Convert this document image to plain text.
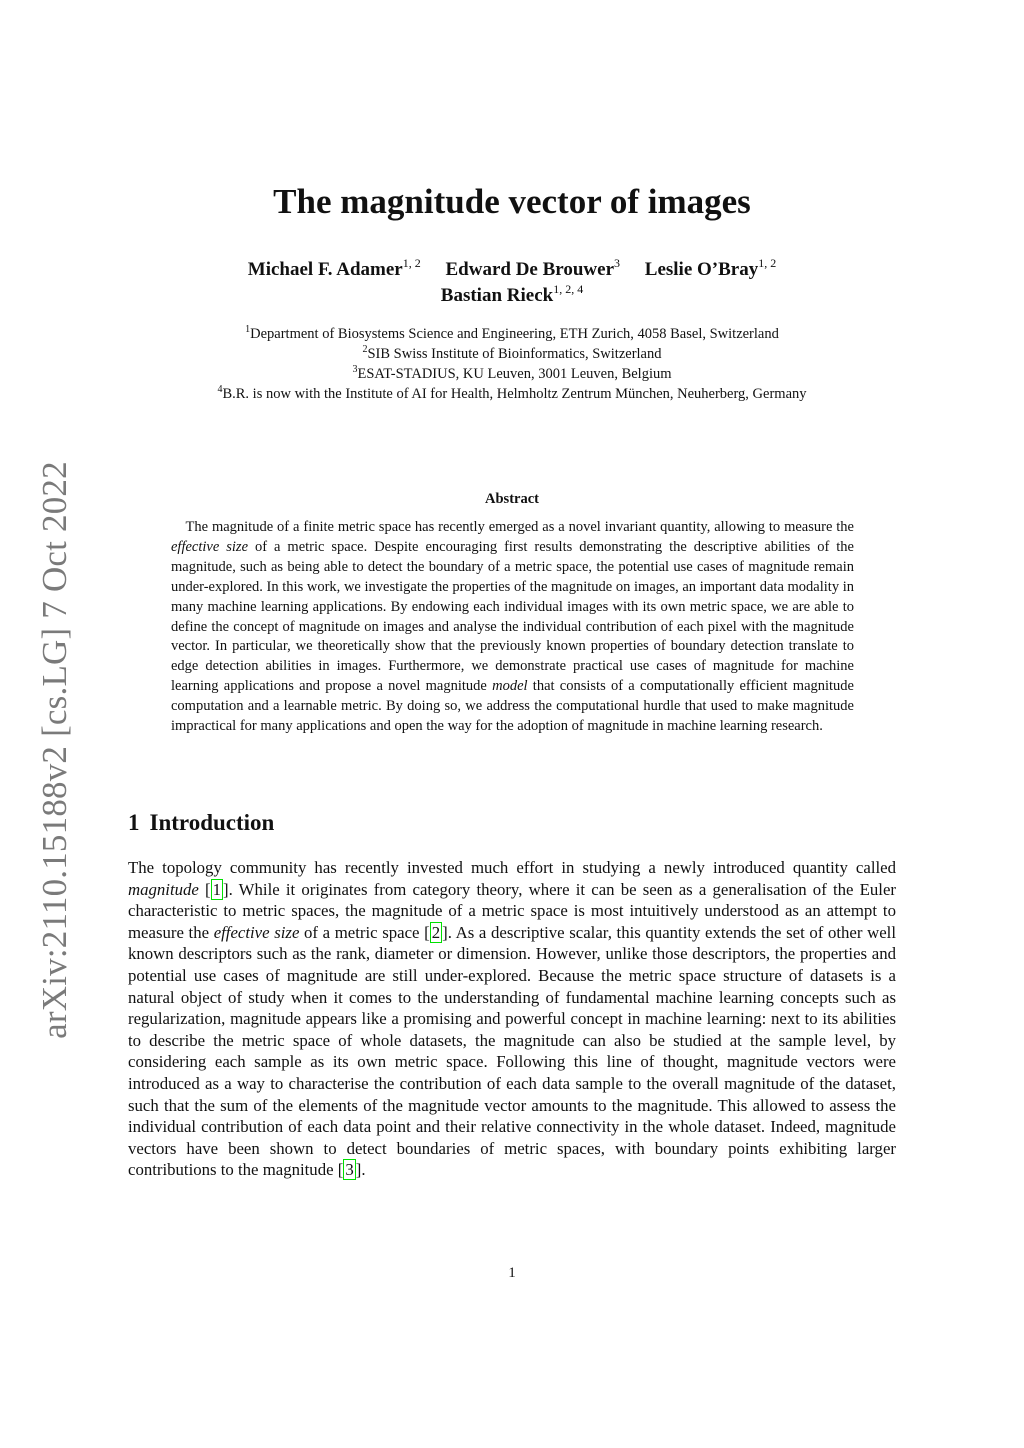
arXiv:2110.15188v2 [cs.LG] 7 Oct 2022
The magnitude vector of images
Michael F. Adamer$^{1, 2}$ Edward De Brouwer$^3$ Leslie O’Bray$^{1, 2}$
Bastian Rieck$^{1, 2, 4}$
$^1$Department of Biosystems Science and Engineering, ETH Zurich, 4058 Basel, Switzerland
$^2$SIB Swiss Institute of Bioinformatics, Switzerland
$^3$ESAT-STADIUS, KU Leuven, 3001 Leuven, Belgium
$^4$B.R. is now with the Institute of AI for Health, Helmholtz Zentrum München, Neuherberg, Germany
Abstract

 The magnitude of a finite metric space has recently emerged as a novel invariant quantity, allowing to measure the effective size of a metric space. Despite encouraging first results demonstrating the descriptive abilities of the magnitude, such as being able to detect the boundary of a metric space, the potential use cases of magnitude remain under-explored. In this work, we investigate the properties of the magnitude on images, an important data modality in many machine learning applications. By endowing each individual images with its own metric space, we are able to define the concept of magnitude on images and analyse the individual contribution of each pixel with the magnitude vector. In particular, we theoretically show that the previously known properties of boundary detection translate to edge detection abilities in images. Furthermore, we demonstrate practical use cases of magnitude for machine learning applications and propose a novel magnitude model that consists of a computationally efficient magnitude computation and a learnable metric. By doing so, we address the computational hurdle that used to make magnitude impractical for many applications and open the way for the adoption of magnitude in machine learning research.

1 Introduction

The topology community has recently invested much effort in studying a newly introduced quantity called magnitude [ 1 ]. While it originates from category theory, where it can be seen as a generalisation of the Euler characteristic to metric spaces, the magnitude of a metric space is most intuitively understood as an attempt to measure the effective size of a metric space [ 2 ]. As a descriptive scalar, this quantity extends the set of other well known descriptors such as the rank, diameter or dimension. However, unlike those descriptors, the properties and potential use cases of magnitude are still under-explored. Because the metric space structure of datasets is a natural object of study when it comes to the understanding of fundamental machine learning concepts such as regularization, magnitude appears like a promising and powerful concept in machine learning: next to its abilities to describe the metric space of whole datasets, the magnitude can also be studied at the sample level, by considering each sample as its own metric space. Following this line of thought, magnitude vectors were introduced as a way to characterise the contribution of each data sample to the overall magnitude of the dataset, such that the sum of the elements of the magnitude vector amounts to the magnitude. This allowed to assess the individual contribution of each data point and their relative connectivity in the whole dataset. Indeed, magnitude vectors have been shown to detect boundaries of metric spaces, with boundary points exhibiting larger contributions to the magnitude [ 3 ].

1
